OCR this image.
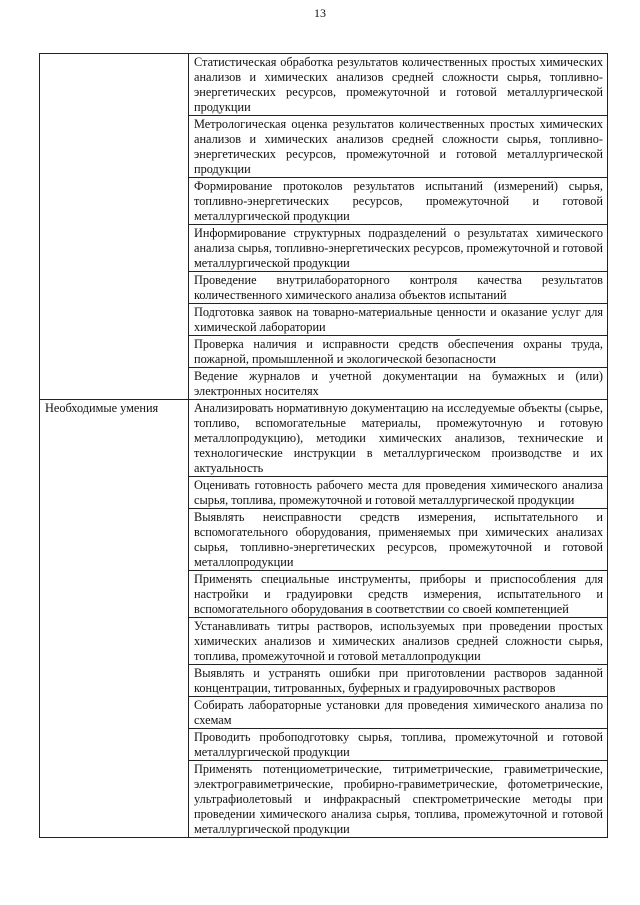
13
	Статистическая обработка результатов количественных простых химических анализов и химических анализов средней сложности сырья, топливно-энергетических ресурсов, промежуточной и готовой металлургической продукции
	Метрологическая оценка результатов количественных простых химических анализов и химических анализов средней сложности сырья, топливно-энергетических ресурсов, промежуточной и готовой металлургической продукции
	Формирование протоколов результатов испытаний (измерений) сырья, топливно-энергетических ресурсов, промежуточной и готовой металлургической продукции
	Информирование структурных подразделений о результатах химического анализа сырья, топливно-энергетических ресурсов, промежуточной и готовой металлургической продукции
	Проведение внутрилабораторного контроля качества результатов количественного химического анализа объектов испытаний
	Подготовка заявок на товарно-материальные ценности и оказание услуг для химической лаборатории
	Проверка наличия и исправности средств обеспечения охраны труда, пожарной, промышленной и экологической безопасности
	Ведение журналов и учетной документации на бумажных и (или) электронных носителях
Необходимые умения	Анализировать нормативную документацию на исследуемые объекты (сырье, топливо, вспомогательные материалы, промежуточную и готовую металлопродукцию), методики химических анализов, технические и технологические инструкции в металлургическом производстве и их актуальность
	Оценивать готовность рабочего места для проведения химического анализа сырья, топлива, промежуточной и готовой металлургической продукции
	Выявлять неисправности средств измерения, испытательного и вспомогательного оборудования, применяемых при химических анализах сырья, топливно-энергетических ресурсов, промежуточной и готовой металлопродукции
	Применять специальные инструменты, приборы и приспособления для настройки и градуировки средств измерения, испытательного и вспомогательного оборудования в соответствии со своей компетенцией
	Устанавливать титры растворов, используемых при проведении простых химических анализов и химических анализов средней сложности сырья, топлива, промежуточной и готовой металлопродукции
	Выявлять и устранять ошибки при приготовлении растворов заданной концентрации, титрованных, буферных и градуировочных растворов
	Собирать лабораторные установки для проведения химического анализа по схемам
	Проводить пробоподготовку сырья, топлива, промежуточной и готовой металлургической продукции
	Применять потенциометрические, титриметрические, гравиметрические, электрогравиметрические, пробирно-гравиметрические, фотометрические, ультрафиолетовый и инфракрасный спектрометрические методы при проведении химического анализа сырья, топлива, промежуточной и готовой металлургической продукции
